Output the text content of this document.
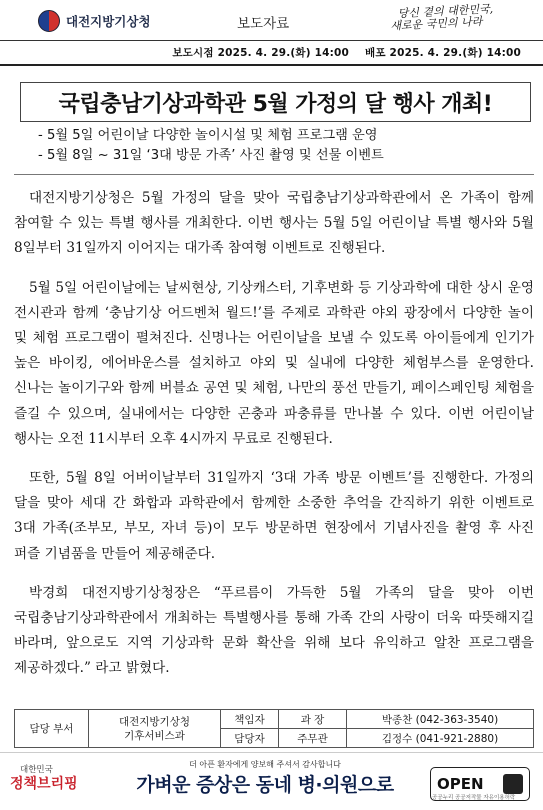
대전지방기상청	보도자료
당신 곁의 대한민국,
새로운 국민의 나라
보도시점 2025. 4. 29.(화) 14:00 배포 2025. 4. 29.(화) 14:00
국립충남기상과학관 5월 가정의 달 행사 개최!
- 5월 5일 어린이날 다양한 놀이시설 및 체험 프로그램 운영
- 5월 8일 ~ 31일 ‘3대 방문 가족’ 사진 촬영 및 선물 이벤트

대전지방기상청은 5월 가정의 달을 맞아 국립충남기상과학관에서 온 가족이 함께 참여할 수 있는 특별 행사를 개최한다. 이번 행사는 5월 5일 어린이날 특별 행사와 5월 8일부터 31일까지 이어지는 대가족 참여형 이벤트로 진행된다.

5월 5일 어린이날에는 날씨현상, 기상캐스터, 기후변화 등 기상과학에 대한 상시 운영 전시관과 함께 ‘충남기상 어드벤처 월드!’를 주제로 과학관 야외 광장에서 다양한 놀이 및 체험 프로그램이 펼쳐진다. 신명나는 어린이날을 보낼 수 있도록 아이들에게 인기가 높은 바이킹, 에어바운스를 설치하고 야외 및 실내에 다양한 체험부스를 운영한다. 신나는 놀이기구와 함께 버블쇼 공연 및 체험, 나만의 풍선 만들기, 페이스페인팅 체험을 즐길 수 있으며, 실내에서는 다양한 곤충과 파충류를 만나볼 수 있다. 이번 어린이날 행사는 오전 11시부터 오후 4시까지 무료로 진행된다.

또한, 5월 8일 어버이날부터 31일까지 ‘3대 가족 방문 이벤트’를 진행한다. 가정의 달을 맞아 세대 간 화합과 과학관에서 함께한 소중한 추억을 간직하기 위한 이벤트로 3대 가족(조부모, 부모, 자녀 등)이 모두 방문하면 현장에서 기념사진을 촬영 후 사진 퍼즐 기념품을 만들어 제공해준다.

박경희 대전지방기상청장은 “푸르름이 가득한 5월 가족의 달을 맞아 이번 국립충남기상과학관에서 개최하는 특별행사를 통해 가족 간의 사랑이 더욱 따뜻해지길 바라며, 앞으로도 지역 기상과학 문화 확산을 위해 보다 유익하고 알찬 프로그램을 제공하겠다.” 라고 밝혔다.

담당 부서	대전지방기상청
기후서비스과	책임자	과 장	박종찬 (042-363-3540)
		담당자	주무관	김정수 (041-921-2880)
대한민국
정책브리핑
더 아픈 환자에게 양보해 주셔서 감사합니다
가벼운 증상은 동네 병·의원으로	OPEN
공공누리 공공저작물 자유이용허락
